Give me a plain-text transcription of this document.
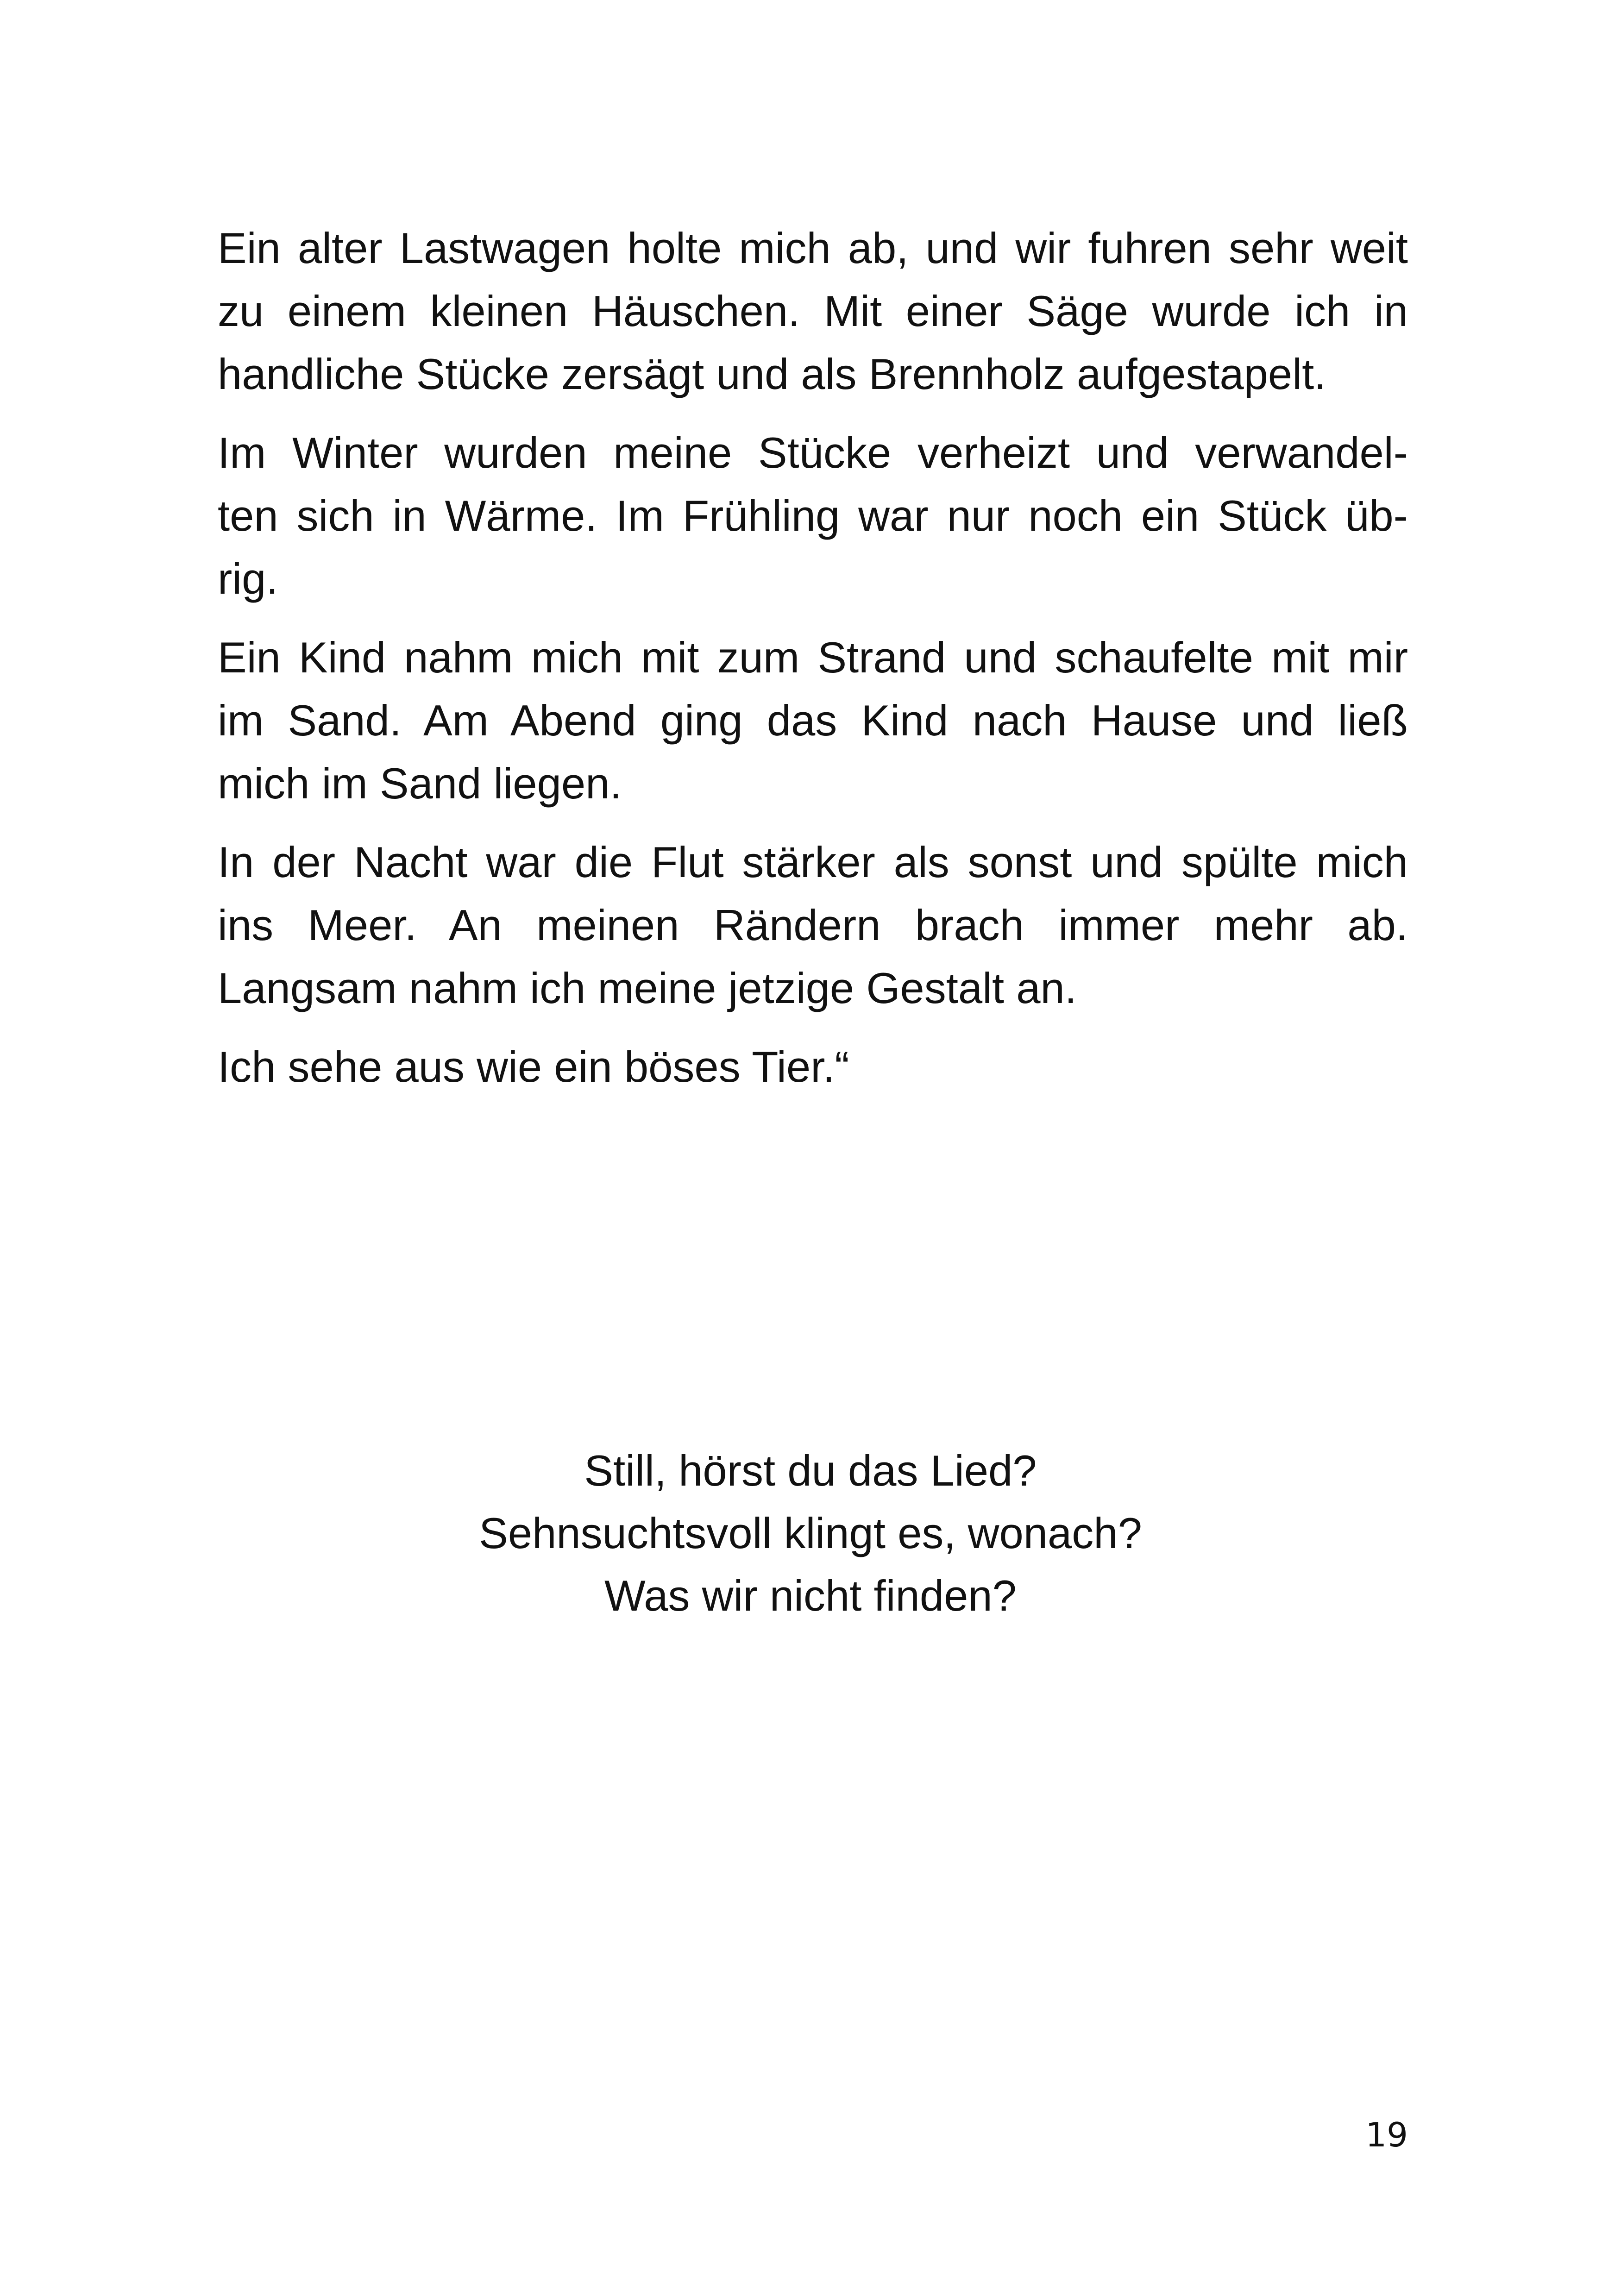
Ein alter Lastwagen holte mich ab, und wir fuhren sehr weit
zu einem kleinen Häuschen. Mit einer Säge wurde ich in
handliche Stücke zersägt und als Brennholz aufgestapelt.

Im Winter wurden meine Stücke verheizt und verwandel-
ten sich in Wärme. Im Frühling war nur noch ein Stück üb-
rig.

Ein Kind nahm mich mit zum Strand und schaufelte mit mir
im Sand. Am Abend ging das Kind nach Hause und ließ
mich im Sand liegen.

In der Nacht war die Flut stärker als sonst und spülte mich
ins Meer. An meinen Rändern brach immer mehr ab.
Langsam nahm ich meine jetzige Gestalt an.

Ich sehe aus wie ein böses Tier.“

Still, hörst du das Lied?
Sehnsuchtsvoll klingt es, wonach?
Was wir nicht finden?
19
